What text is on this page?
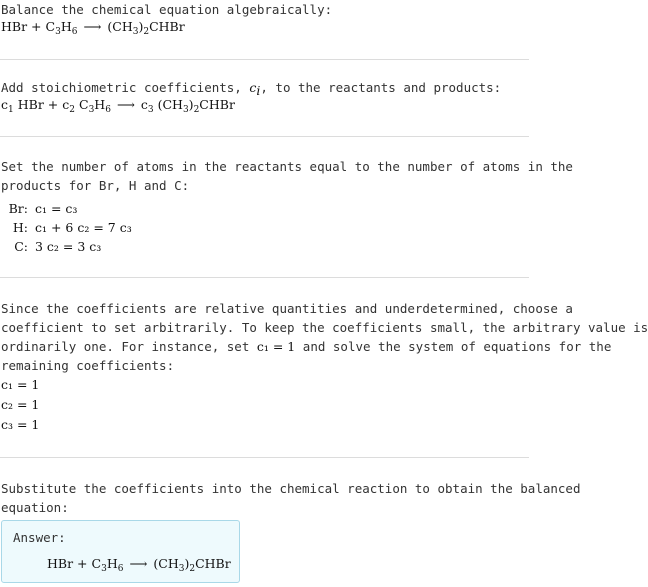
Balance the chemical equation algebraically:
HBr + $C_3H_6$ ⟶ $(CH_3)_2CHBr$
Add stoichiometric coefficients, $c_i$, to the reactants and products:
$c_1$ HBr + $c_2$ $C_3H_6$ ⟶ $c_3$ $(CH_3)_2CHBr$
Set the number of atoms in the reactants equal to the number of atoms in the
products for Br, H and C:
Br: c₁ = c₃
H: c₁ + 6 c₂ = 7 c₃
C: 3 c₂ = 3 c₃
Since the coefficients are relative quantities and underdetermined, choose a
coefficient to set arbitrarily. To keep the coefficients small, the arbitrary value is
ordinarily one. For instance, set c₁ = 1 and solve the system of equations for the
remaining coefficients:
c₁ = 1
c₂ = 1
c₃ = 1
Substitute the coefficients into the chemical reaction to obtain the balanced
equation:
Answer:
HBr + $C_3H_6$ ⟶ $(CH_3)_2CHBr$
